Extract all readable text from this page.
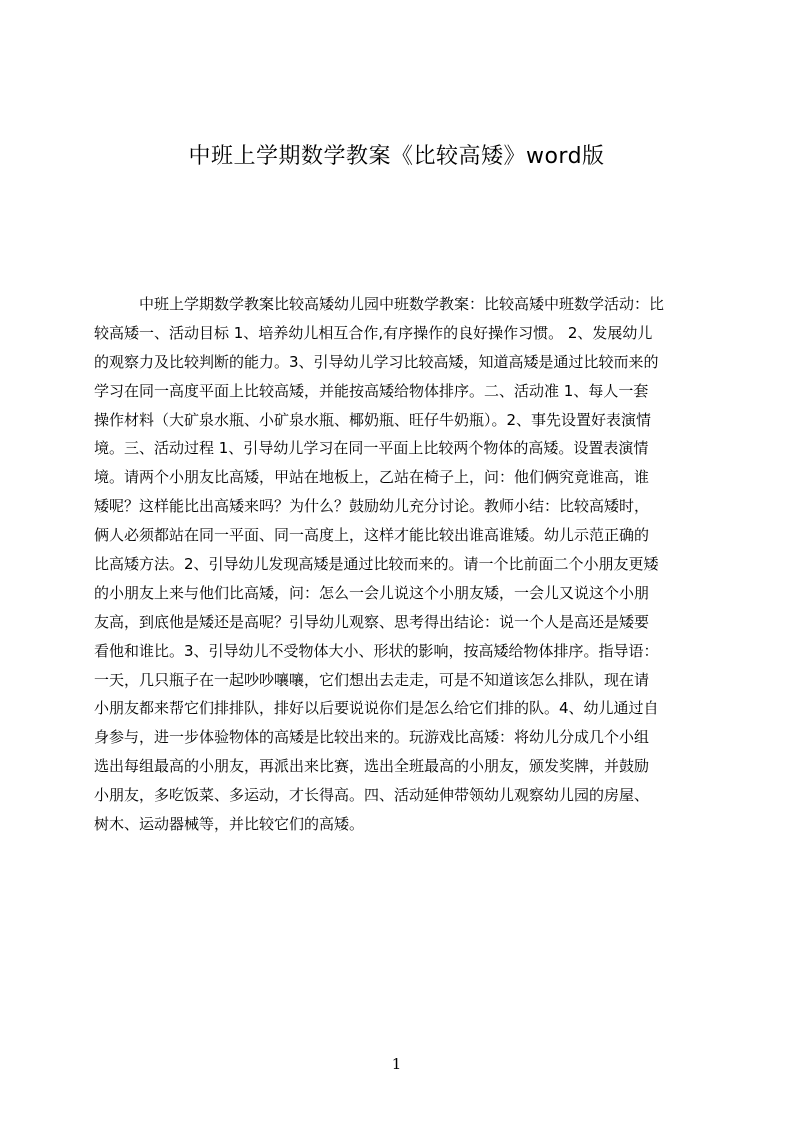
中班上学期数学教案《比较高矮》word版
中班上学期数学教案比较高矮幼儿园中班数学教案：比较高矮中班数学活动：比
较高矮一、活动目标 1、培养幼儿相互合作,有序操作的良好操作习惯。 2、发展幼儿
的观察力及比较判断的能力。3、引导幼儿学习比较高矮，知道高矮是通过比较而来的
学习在同一高度平面上比较高矮，并能按高矮给物体排序。二、活动准 1、每人一套
操作材料（大矿泉水瓶、小矿泉水瓶、椰奶瓶、旺仔牛奶瓶）。2、事先设置好表演情
境。三、活动过程 1、引导幼儿学习在同一平面上比较两个物体的高矮。设置表演情
境。请两个小朋友比高矮，甲站在地板上，乙站在椅子上，问：他们俩究竟谁高，谁
矮呢？这样能比出高矮来吗？为什么？鼓励幼儿充分讨论。教师小结：比较高矮时，
俩人必须都站在同一平面、同一高度上，这样才能比较出谁高谁矮。幼儿示范正确的
比高矮方法。2、引导幼儿发现高矮是通过比较而来的。请一个比前面二个小朋友更矮
的小朋友上来与他们比高矮，问：怎么一会儿说这个小朋友矮，一会儿又说这个小朋
友高，到底他是矮还是高呢？引导幼儿观察、思考得出结论：说一个人是高还是矮要
看他和谁比。3、引导幼儿不受物体大小、形状的影响，按高矮给物体排序。指导语：
一天，几只瓶子在一起吵吵嚷嚷，它们想出去走走，可是不知道该怎么排队，现在请
小朋友都来帮它们排排队，排好以后要说说你们是怎么给它们排的队。4、幼儿通过自
身参与，进一步体验物体的高矮是比较出来的。玩游戏比高矮：将幼儿分成几个小组
选出每组最高的小朋友，再派出来比赛，选出全班最高的小朋友，颁发奖牌，并鼓励
小朋友，多吃饭菜、多运动，才长得高。四、活动延伸带领幼儿观察幼儿园的房屋、
树木、运动器械等，并比较它们的高矮。
1
